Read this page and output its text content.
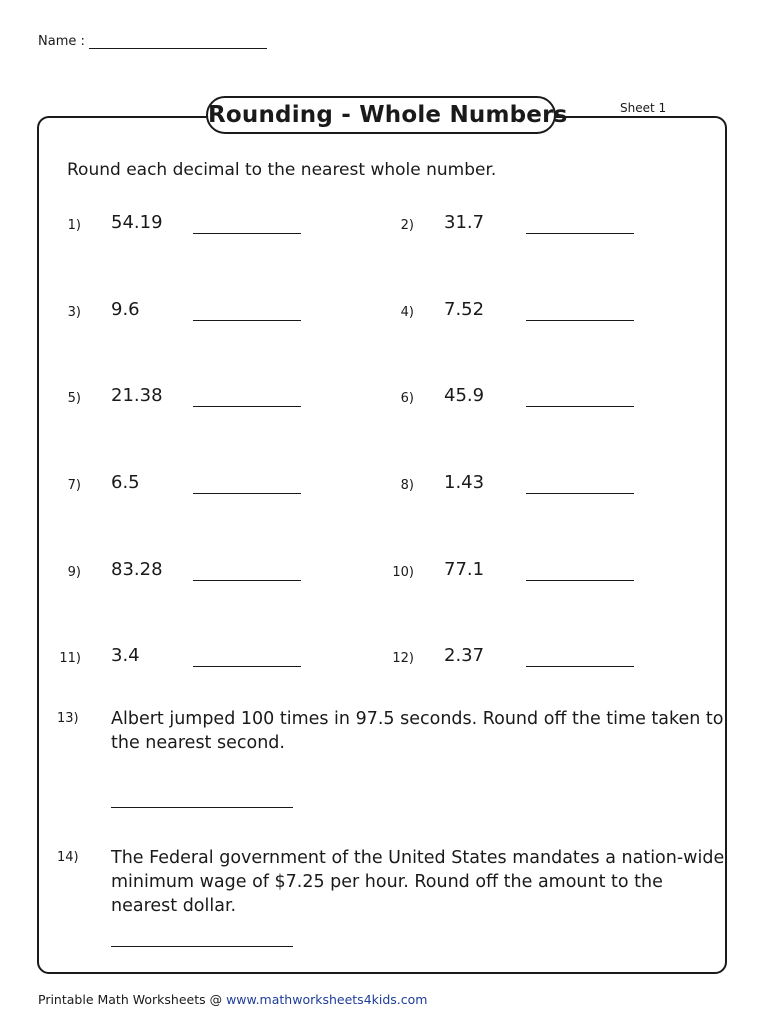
Name :
Rounding - Whole Numbers	Sheet 1
Round each decimal to the nearest whole number.
1) 54.19	2) 31.7
3) 9.6	4) 7.52
5) 21.38	6) 45.9
7) 6.5	8) 1.43
9) 83.28	10) 77.1
11) 3.4	12) 2.37
13) Albert jumped 100 times in 97.5 seconds. Round off the time taken to the nearest second.
14) The Federal government of the United States mandates a nation-wide minimum wage of $7.25 per hour. Round off the amount to the nearest dollar.
Printable Math Worksheets @ www.mathworksheets4kids.com
